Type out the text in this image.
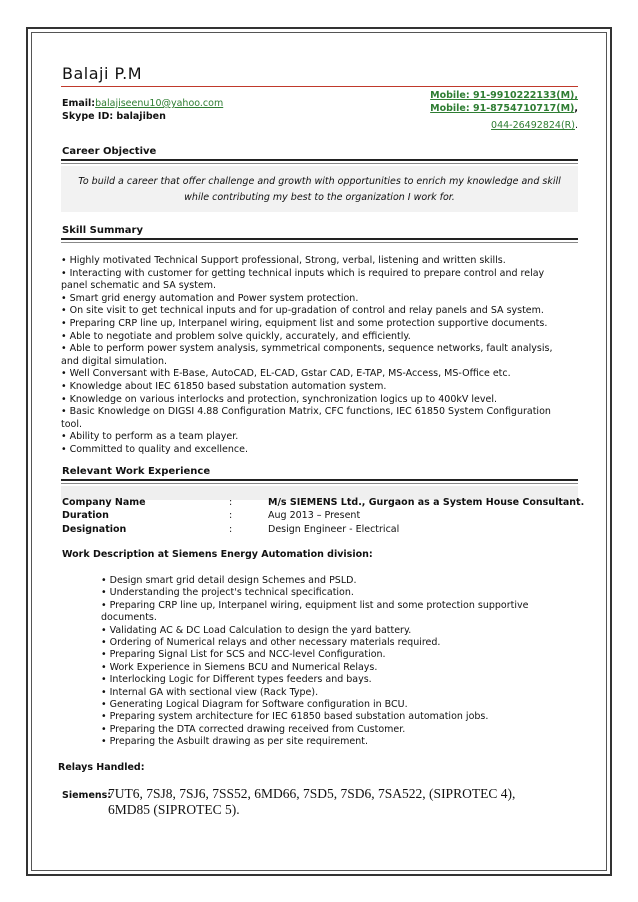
Balaji P.M
Email:balajiseenu10@yahoo.com
Skype ID: balajiben
Mobile: 91-9910222133(M),
Mobile: 91-8754710717(M),
044-26492824(R).
Career Objective
To build a career that offer challenge and growth with opportunities to enrich my knowledge and skill
while contributing my best to the organization I work for.
Skill Summary
• Highly motivated Technical Support professional, Strong, verbal, listening and written skills.
• Interacting with customer for getting technical inputs which is required to prepare control and relay panel schematic and SA system.
• Smart grid energy automation and Power system protection.
• On site visit to get technical inputs and for up-gradation of control and relay panels and SA system.
• Preparing CRP line up, Interpanel wiring, equipment list and some protection supportive documents.
• Able to negotiate and problem solve quickly, accurately, and efficiently.
• Able to perform power system analysis, symmetrical components, sequence networks, fault analysis, and digital simulation.
• Well Conversant with E-Base, AutoCAD, EL-CAD, Gstar CAD, E-TAP, MS-Access, MS-Office etc.
• Knowledge about IEC 61850 based substation automation system.
• Knowledge on various interlocks and protection, synchronization logics up to 400kV level.
• Basic Knowledge on DIGSI 4.88 Configuration Matrix, CFC functions, IEC 61850 System Configuration tool.
• Ability to perform as a team player.
• Committed to quality and excellence.
Relevant Work Experience
Company Name	:	M/s SIEMENS Ltd., Gurgaon as a System House Consultant.
Duration	:	Aug 2013 – Present
Designation	:	Design Engineer - Electrical
Work Description at Siemens Energy Automation division:
• Design smart grid detail design Schemes and PSLD.
• Understanding the project's technical specification.
• Preparing CRP line up, Interpanel wiring, equipment list and some protection supportive documents.
• Validating AC & DC Load Calculation to design the yard battery.
• Ordering of Numerical relays and other necessary materials required.
• Preparing Signal List for SCS and NCC-level Configuration.
• Work Experience in Siemens BCU and Numerical Relays.
• Interlocking Logic for Different types feeders and bays.
• Internal GA with sectional view (Rack Type).
• Generating Logical Diagram for Software configuration in BCU.
• Preparing system architecture for IEC 61850 based substation automation jobs.
• Preparing the DTA corrected drawing received from Customer.
• Preparing the Asbuilt drawing as per site requirement.
Relays Handled:
Siemens:
7UT6, 7SJ8, 7SJ6, 7SS52, 6MD66, 7SD5, 7SD6, 7SA522, (SIPROTEC 4),
6MD85 (SIPROTEC 5).
